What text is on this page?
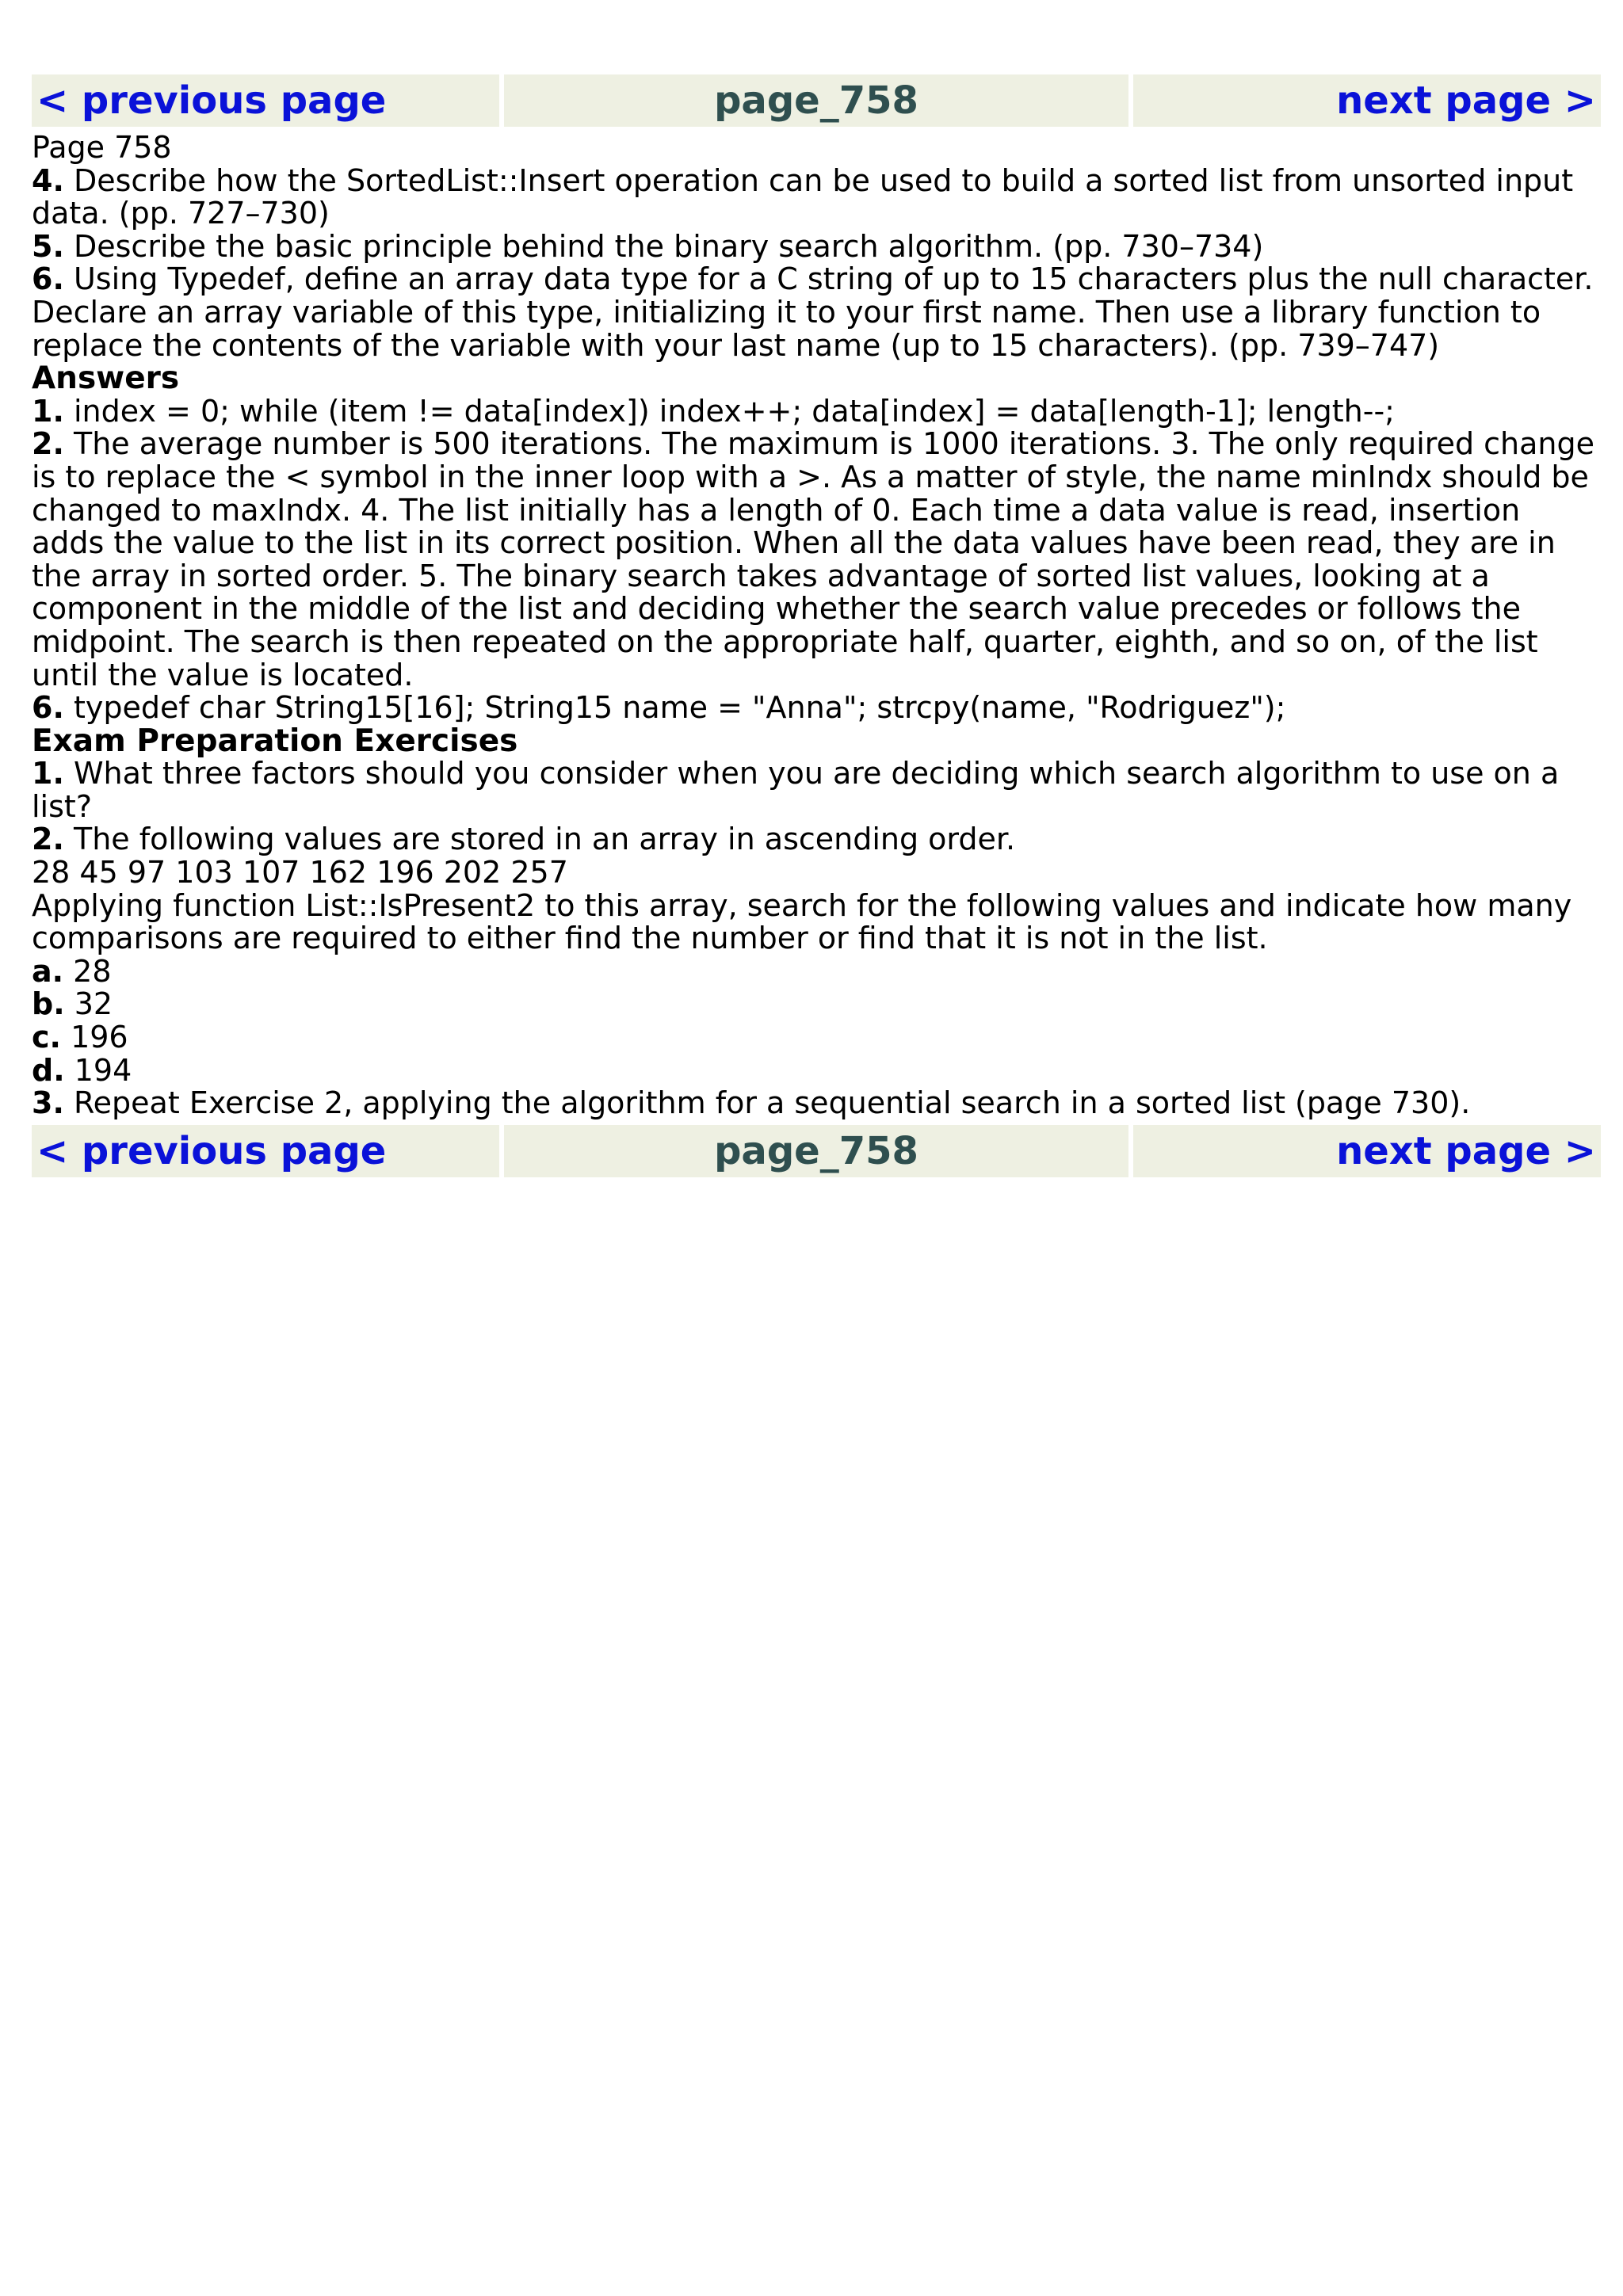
< previous page	page_758	next page >
Page 758
4. Describe how the SortedList::Insert operation can be used to build a sorted list from unsorted input data. (pp. 727–730)
5. Describe the basic principle behind the binary search algorithm. (pp. 730–734)
6. Using Typedef, define an array data type for a C string of up to 15 characters plus the null character. Declare an array variable of this type, initializing it to your first name. Then use a library function to replace the contents of the variable with your last name (up to 15 characters). (pp. 739–747)
Answers
1. index = 0; while (item != data[index]) index++; data[index] = data[length-1]; length--;
2. The average number is 500 iterations. The maximum is 1000 iterations. 3. The only required change is to replace the < symbol in the inner loop with a >. As a matter of style, the name minIndx should be changed to maxIndx. 4. The list initially has a length of 0. Each time a data value is read, insertion adds the value to the list in its correct position. When all the data values have been read, they are in the array in sorted order. 5. The binary search takes advantage of sorted list values, looking at a component in the middle of the list and deciding whether the search value precedes or follows the midpoint. The search is then repeated on the appropriate half, quarter, eighth, and so on, of the list until the value is located.
6. typedef char String15[16]; String15 name = "Anna"; strcpy(name, "Rodriguez");
Exam Preparation Exercises
1. What three factors should you consider when you are deciding which search algorithm to use on a list?
2. The following values are stored in an array in ascending order.
28 45 97 103 107 162 196 202 257
Applying function List::IsPresent2 to this array, search for the following values and indicate how many comparisons are required to either find the number or find that it is not in the list.
a. 28
b. 32
c. 196
d. 194
3. Repeat Exercise 2, applying the algorithm for a sequential search in a sorted list (page 730).
< previous page	page_758	next page >
